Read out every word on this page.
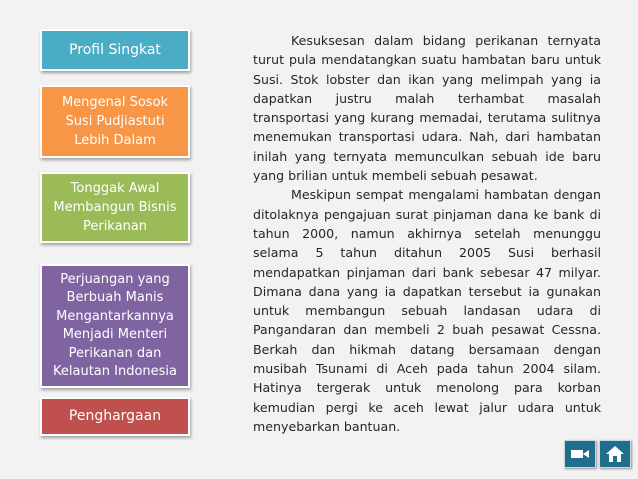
Profil Singkat
Mengenal Sosok
Susi Pudjiastuti
Lebih Dalam
Tonggak Awal
Membangun Bisnis
Perikanan
Perjuangan yang
Berbuah Manis
Mengantarkannya
Menjadi Menteri
Perikanan dan
Kelautan Indonesia
Penghargaan

Kesuksesan dalam bidang perikanan ternyata turut pula mendatangkan suatu hambatan baru untuk Susi. Stok lobster dan ikan yang melimpah yang ia dapatkan justru malah terhambat masalah transportasi yang kurang memadai, terutama sulitnya menemukan transportasi udara. Nah, dari hambatan inilah yang ternyata memunculkan sebuah ide baru yang brilian untuk membeli sebuah pesawat.

Meskipun sempat mengalami hambatan dengan ditolaknya pengajuan surat pinjaman dana ke bank di tahun 2000, namun akhirnya setelah menunggu selama 5 tahun ditahun 2005 Susi berhasil mendapatkan pinjaman dari bank sebesar 47 milyar. Dimana dana yang ia dapatkan tersebut ia gunakan untuk membangun sebuah landasan udara di Pangandaran dan membeli 2 buah pesawat Cessna. Berkah dan hikmah datang bersamaan dengan musibah Tsunami di Aceh pada tahun 2004 silam. Hatinya tergerak untuk menolong para korban kemudian pergi ke aceh lewat jalur udara untuk menyebarkan bantuan.
